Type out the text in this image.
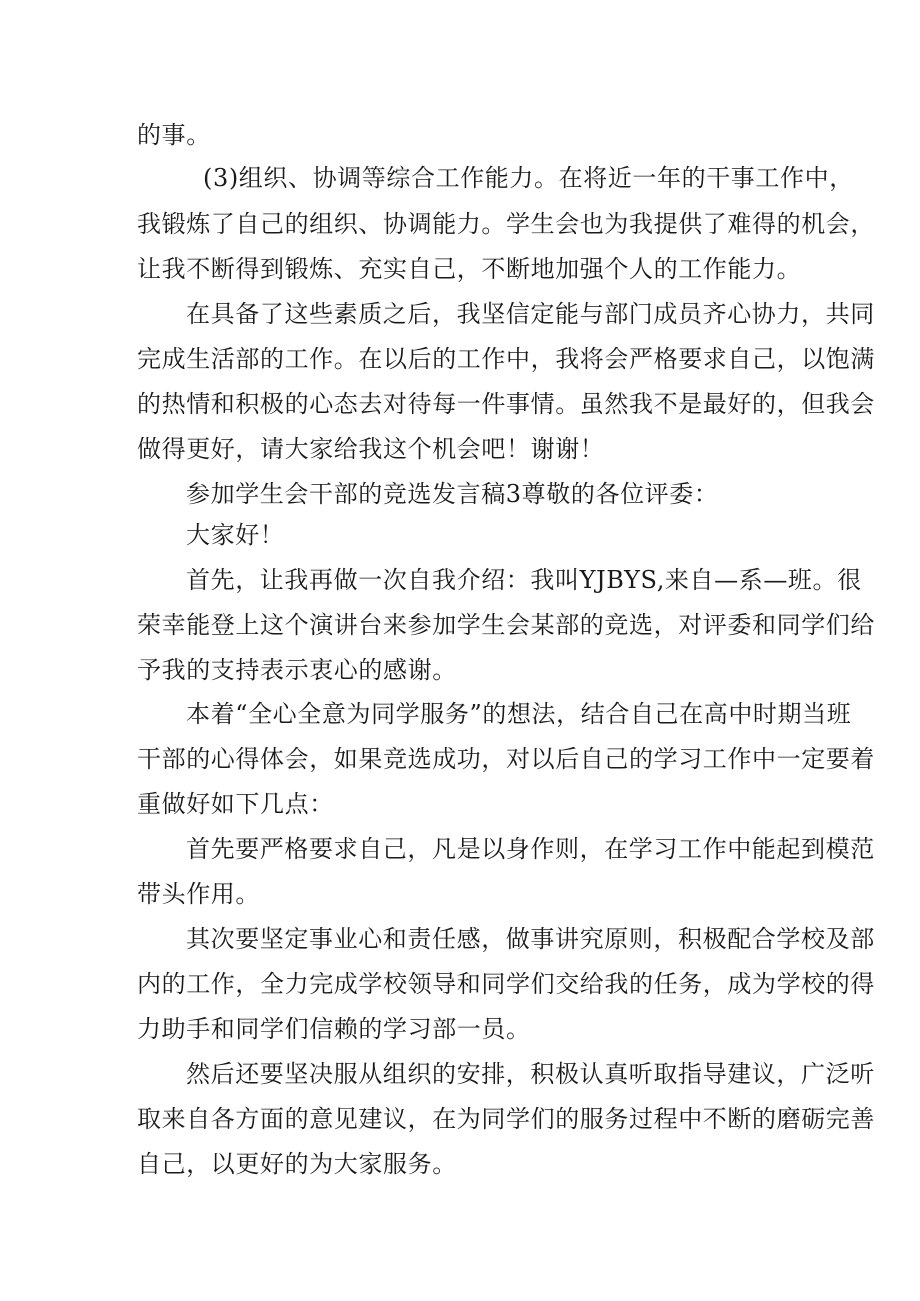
的事。
(3)组织、协调等综合工作能力。在将近一年的干事工作中，
我锻炼了自己的组织、协调能力。学生会也为我提供了难得的机会，
让我不断得到锻炼、充实自己，不断地加强个人的工作能力。
在具备了这些素质之后，我坚信定能与部门成员齐心协力，共同
完成生活部的工作。在以后的工作中，我将会严格要求自己，以饱满
的热情和积极的心态去对待每一件事情。虽然我不是最好的，但我会
做得更好，请大家给我这个机会吧！谢谢！
参加学生会干部的竞选发言稿3尊敬的各位评委：
大家好！
首先，让我再做一次自我介绍：我叫YJBYS,来自—系—班。很
荣幸能登上这个演讲台来参加学生会某部的竞选，对评委和同学们给
予我的支持表示衷心的感谢。
本着“全心全意为同学服务”的想法，结合自己在高中时期当班
干部的心得体会，如果竞选成功，对以后自己的学习工作中一定要着
重做好如下几点：
首先要严格要求自己，凡是以身作则，在学习工作中能起到模范
带头作用。
其次要坚定事业心和责任感，做事讲究原则，积极配合学校及部
内的工作，全力完成学校领导和同学们交给我的任务，成为学校的得
力助手和同学们信赖的学习部一员。
然后还要坚决服从组织的安排，积极认真听取指导建议，广泛听
取来自各方面的意见建议，在为同学们的服务过程中不断的磨砺完善
自己，以更好的为大家服务。
